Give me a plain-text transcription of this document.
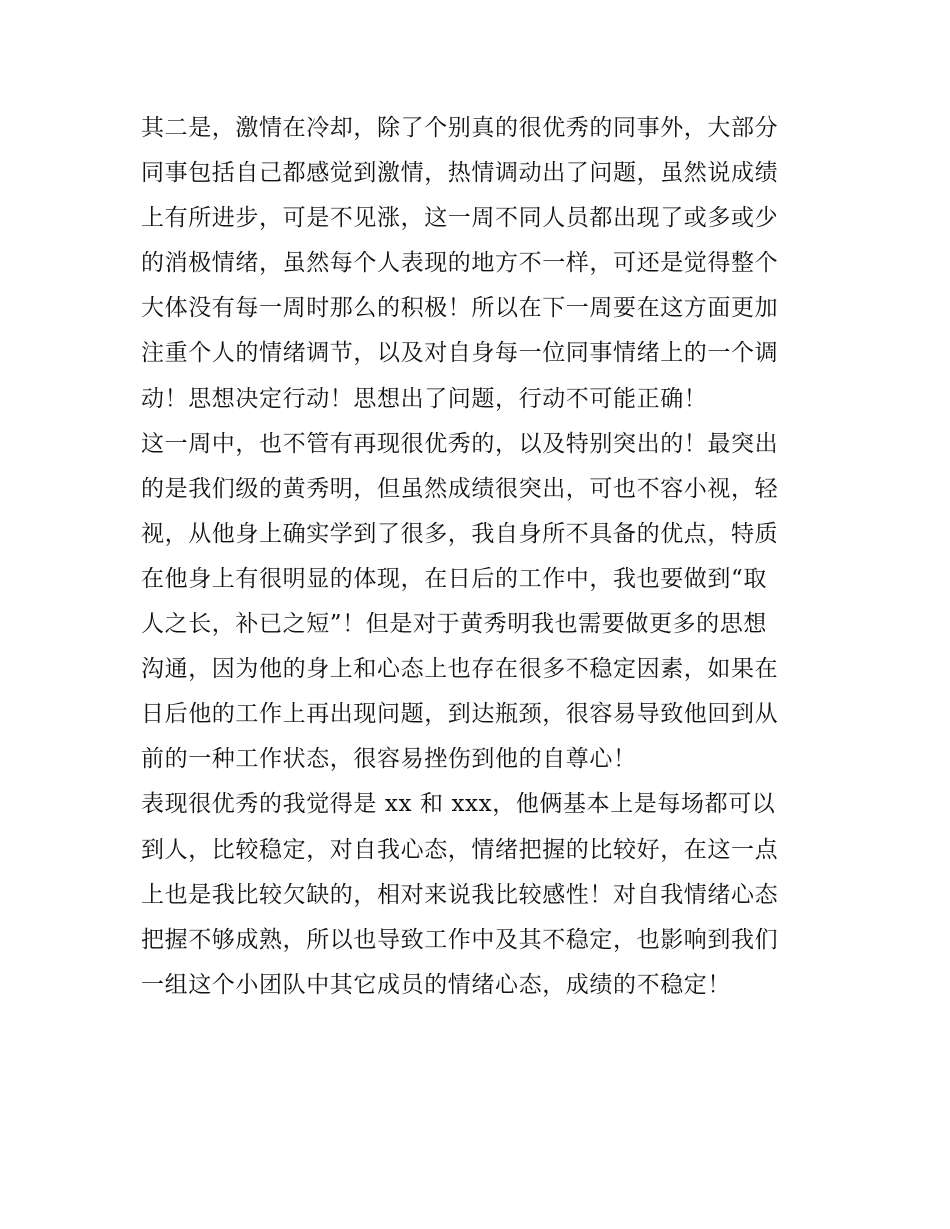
其二是，激情在冷却，除了个别真的很优秀的同事外，大部分
同事包括自己都感觉到激情，热情调动出了问题，虽然说成绩
上有所进步，可是不见涨，这一周不同人员都出现了或多或少
的消极情绪，虽然每个人表现的地方不一样，可还是觉得整个
大体没有每一周时那么的积极！所以在下一周要在这方面更加
注重个人的情绪调节，以及对自身每一位同事情绪上的一个调
动！思想决定行动！思想出了问题，行动不可能正确！
这一周中，也不管有再现很优秀的，以及特别突出的！最突出
的是我们级的黄秀明，但虽然成绩很突出，可也不容小视，轻
视，从他身上确实学到了很多，我自身所不具备的优点，特质
在他身上有很明显的体现，在日后的工作中，我也要做到“取
人之长，补已之短”！但是对于黄秀明我也需要做更多的思想
沟通，因为他的身上和心态上也存在很多不稳定因素，如果在
日后他的工作上再出现问题，到达瓶颈，很容易导致他回到从
前的一种工作状态，很容易挫伤到他的自尊心！
表现很优秀的我觉得是 xx 和 xxx，他俩基本上是每场都可以
到人，比较稳定，对自我心态，情绪把握的比较好，在这一点
上也是我比较欠缺的，相对来说我比较感性！对自我情绪心态
把握不够成熟，所以也导致工作中及其不稳定，也影响到我们
一组这个小团队中其它成员的情绪心态，成绩的不稳定！
